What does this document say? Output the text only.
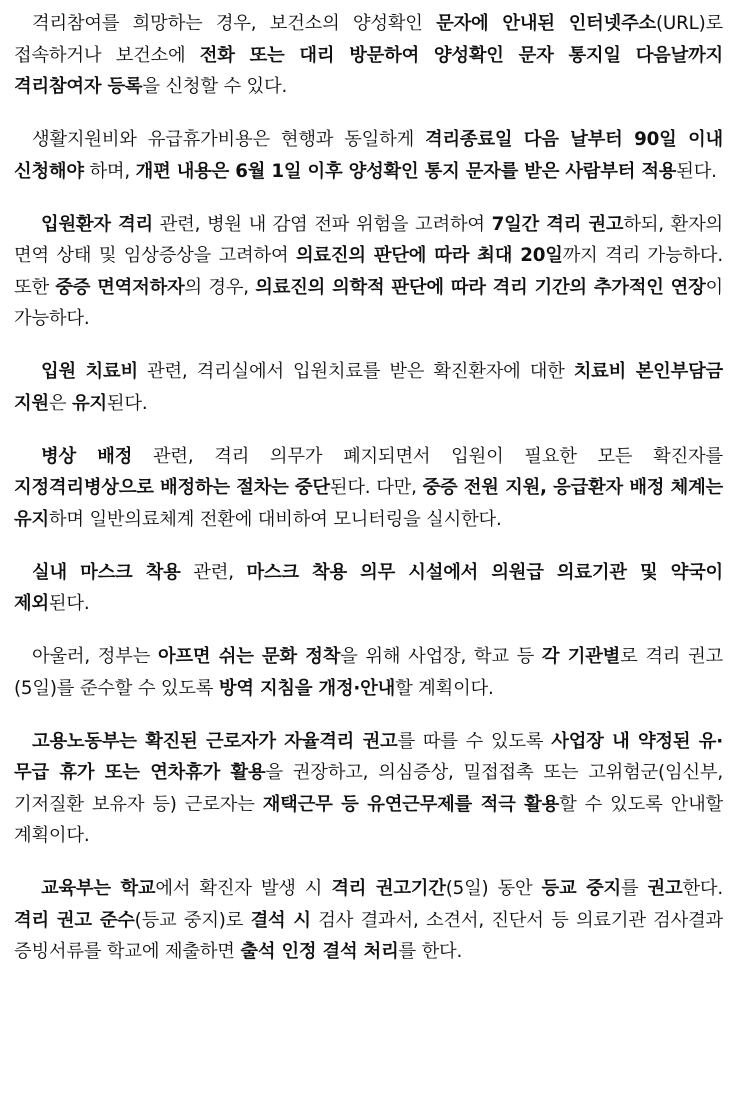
격리참여를 희망하는 경우, 보건소의 양성확인 문자에 안내된 인터넷주소(URL)로 접속하거나 보건소에 전화 또는 대리 방문하여 양성확인 문자 통지일 다음날까지 격리참여자 등록을 신청할 수 있다.

생활지원비와 유급휴가비용은 현행과 동일하게 격리종료일 다음 날부터 90일 이내 신청해야 하며, 개편 내용은 6월 1일 이후 양성확인 통지 문자를 받은 사람부터 적용된다.

입원환자 격리 관련, 병원 내 감염 전파 위험을 고려하여 7일간 격리 권고하되, 환자의 면역 상태 및 임상증상을 고려하여 의료진의 판단에 따라 최대 20일까지 격리 가능하다. 또한 중증 면역저하자의 경우, 의료진의 의학적 판단에 따라 격리 기간의 추가적인 연장이 가능하다.

입원 치료비 관련, 격리실에서 입원치료를 받은 확진환자에 대한 치료비 본인부담금 지원은 유지된다.

병상 배정 관련, 격리 의무가 폐지되면서 입원이 필요한 모든 확진자를 지정격리병상으로 배정하는 절차는 중단된다. 다만, 중증 전원 지원, 응급환자 배정 체계는 유지하며 일반의료체계 전환에 대비하여 모니터링을 실시한다.

실내 마스크 착용 관련, 마스크 착용 의무 시설에서 의원급 의료기관 및 약국이 제외된다.

아울러, 정부는 아프면 쉬는 문화 정착을 위해 사업장, 학교 등 각 기관별로 격리 권고(5일)를 준수할 수 있도록 방역 지침을 개정·안내할 계획이다.

고용노동부는 확진된 근로자가 자율격리 권고를 따를 수 있도록 사업장 내 약정된 유·무급 휴가 또는 연차휴가 활용을 권장하고, 의심증상, 밀접접촉 또는 고위험군(임신부, 기저질환 보유자 등) 근로자는 재택근무 등 유연근무제를 적극 활용할 수 있도록 안내할 계획이다.

교육부는 학교에서 확진자 발생 시 격리 권고기간(5일) 동안 등교 중지를 권고한다. 격리 권고 준수(등교 중지)로 결석 시 검사 결과서, 소견서, 진단서 등 의료기관 검사결과 증빙서류를 학교에 제출하면 출석 인정 결석 처리를 한다.
